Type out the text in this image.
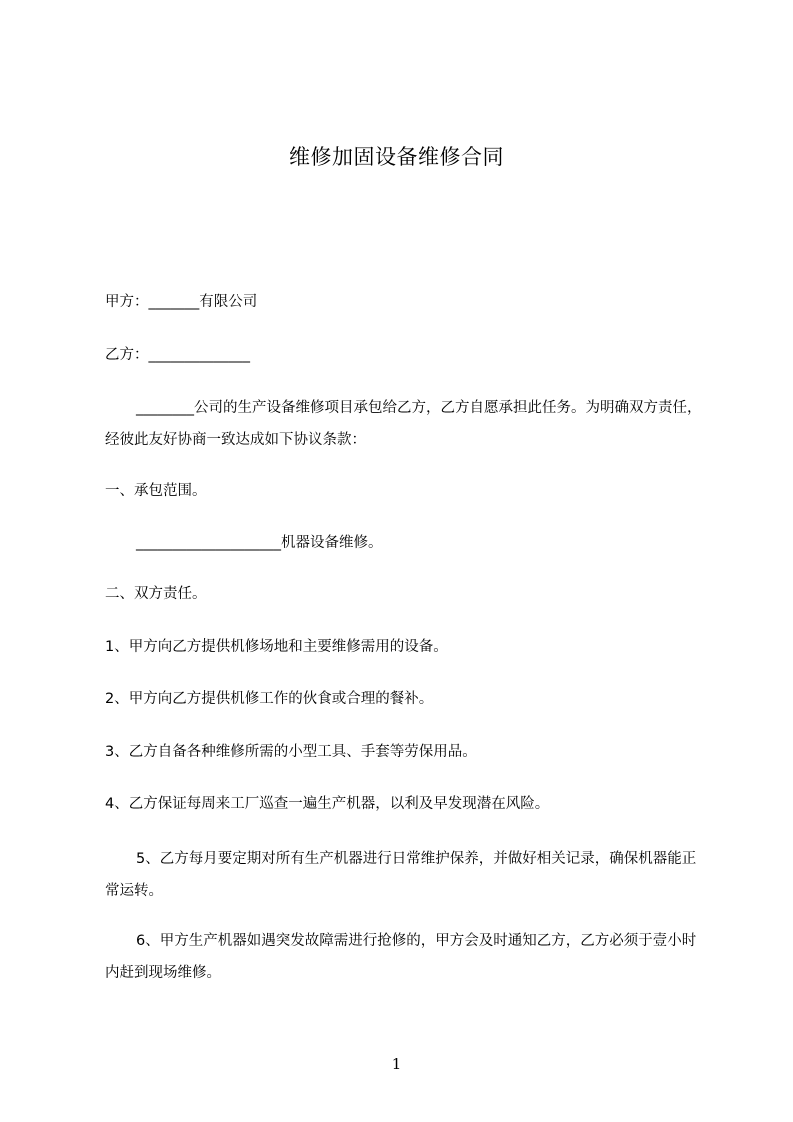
维修加固设备维修合同
甲方：_______有限公司
乙方：______________
________公司的生产设备维修项目承包给乙方，乙方自愿承担此任务。为明确双方责任，经彼此友好协商一致达成如下协议条款：
一、承包范围。
____________________机器设备维修。
二、双方责任。
1、甲方向乙方提供机修场地和主要维修需用的设备。
2、甲方向乙方提供机修工作的伙食或合理的餐补。
3、乙方自备各种维修所需的小型工具、手套等劳保用品。
4、乙方保证每周来工厂巡查一遍生产机器，以利及早发现潜在风险。
5、乙方每月要定期对所有生产机器进行日常维护保养，并做好相关记录，确保机器能正常运转。
6、甲方生产机器如遇突发故障需进行抢修的，甲方会及时通知乙方，乙方必须于壹小时内赶到现场维修。
1
